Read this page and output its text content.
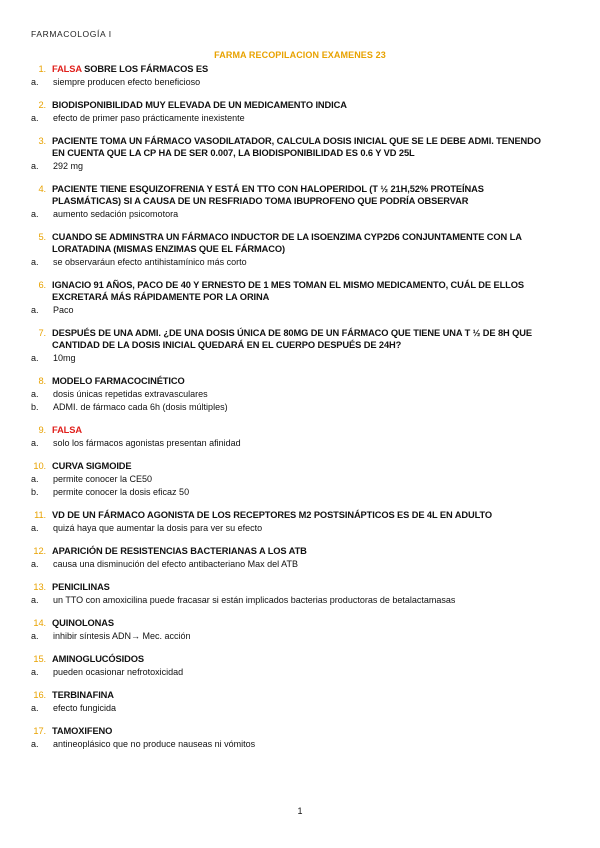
FARMACOLOGÍA I
FARMA RECOPILACION EXAMENES 23
1. FALSA SOBRE LOS FÁRMACOS ES
a.	siempre producen efecto beneficioso
2. BIODISPONIBILIDAD MUY ELEVADA DE UN MEDICAMENTO INDICA
a.	efecto de primer paso prácticamente inexistente
3. PACIENTE TOMA UN FÁRMACO VASODILATADOR, CALCULA DOSIS INICIAL QUE SE LE DEBE ADMI. TENENDO EN CUENTA QUE LA CP HA DE SER 0.007, LA BIODISPONIBILIDAD ES 0.6 Y VD 25L
a.	292 mg
4. PACIENTE TIENE ESQUIZOFRENIA Y ESTÁ EN TTO CON HALOPERIDOL (T ½ 21H,52% PROTEÍNAS PLASMÁTICAS) SI A CAUSA DE UN RESFRIADO TOMA IBUPROFENO QUE PODRÍA OBSERVAR
a.	aumento sedación psicomotora
5. CUANDO SE ADMINSTRA UN FÁRMACO INDUCTOR DE LA ISOENZIMA CYP2D6 CONJUNTAMENTE CON LA LORATADINA (MISMAS ENZIMAS QUE EL FÁRMACO)
a.	se observaráun efecto antihistamínico más corto
6. IGNACIO 91 AÑOS, PACO DE 40 Y ERNESTO DE 1 MES TOMAN EL MISMO MEDICAMENTO, CUÁL DE ELLOS EXCRETARÁ MÁS RÁPIDAMENTE POR LA ORINA
a.	Paco
7. DESPUÉS DE UNA ADMI. ¿DE UNA DOSIS ÚNICA DE 80MG DE UN FÁRMACO QUE TIENE UNA T ½ DE 8H QUE CANTIDAD DE LA DOSIS INICIAL QUEDARÁ EN EL CUERPO DESPUÉS DE 24H?
a.	10mg
8. MODELO FARMACOCINÉTICO
a.	dosis únicas repetidas extravasculares
b.	ADMI. de fármaco cada 6h (dosis múltiples)
9. FALSA
a.	solo los fármacos agonistas presentan afinidad
10. CURVA SIGMOIDE
a.	permite conocer la CE50
b.	permite conocer la dosis eficaz 50
11. VD DE UN FÁRMACO AGONISTA DE LOS RECEPTORES M2 POSTSINÁPTICOS ES DE 4L EN ADULTO
a.	quizá haya que aumentar la dosis para ver su efecto
12. APARICIÓN DE RESISTENCIAS BACTERIANAS A LOS ATB
a.	causa una disminución del efecto antibacteriano Max del ATB
13. PENICILINAS
a.	un TTO con amoxicilina puede fracasar si están implicados bacterias productoras de betalactamasas
14. QUINOLONAS
a.	inhibir síntesis ADN→ Mec. acción
15. AMINOGLUCÓSIDOS
a.	pueden ocasionar nefrotoxicidad
16. TERBINAFINA
a.	efecto fungicida
17. TAMOXIFENO
a.	antineoplásico que no produce nauseas ni vómitos
1
